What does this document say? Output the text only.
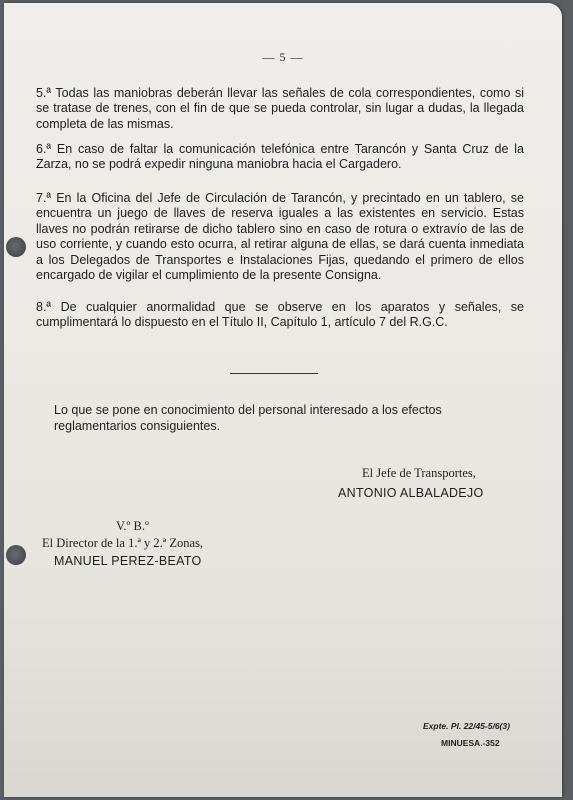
— 5 —
5.ª Todas las maniobras deberán llevar las señales de cola correspondientes, como si se tratase de trenes, con el fin de que se pueda controlar, sin lugar a dudas, la llegada completa de las mismas.
6.ª En caso de faltar la comunicación telefónica entre Tarancón y Santa Cruz de la Zarza, no se podrá expedir ninguna maniobra hacia el Cargadero.
7.ª En la Oficina del Jefe de Circulación de Tarancón, y precintado en un tablero, se encuentra un juego de llaves de reserva iguales a las existentes en servicio. Estas llaves no podrán retirarse de dicho tablero sino en caso de rotura o extravío de las de uso corriente, y cuando esto ocurra, al retirar alguna de ellas, se dará cuenta inmediata a los Delegados de Transportes e Instalaciones Fijas, quedando el primero de ellos encargado de vigilar el cumplimiento de la presente Consigna.
8.ª De cualquier anormalidad que se observe en los aparatos y señales, se cumplimentará lo dispuesto en el Título II, Capítulo 1, artículo 7 del R.G.C.
Lo que se pone en conocimiento del personal interesado a los efectos reglamentarios consiguientes.
El Jefe de Transportes,
ANTONIO ALBALADEJO
V.º B.º
El Director de la 1.ª y 2.ª Zonas,
MANUEL PEREZ-BEATO
Expte. Pl. 22/45-5/6(3)
MINUESA.-352
